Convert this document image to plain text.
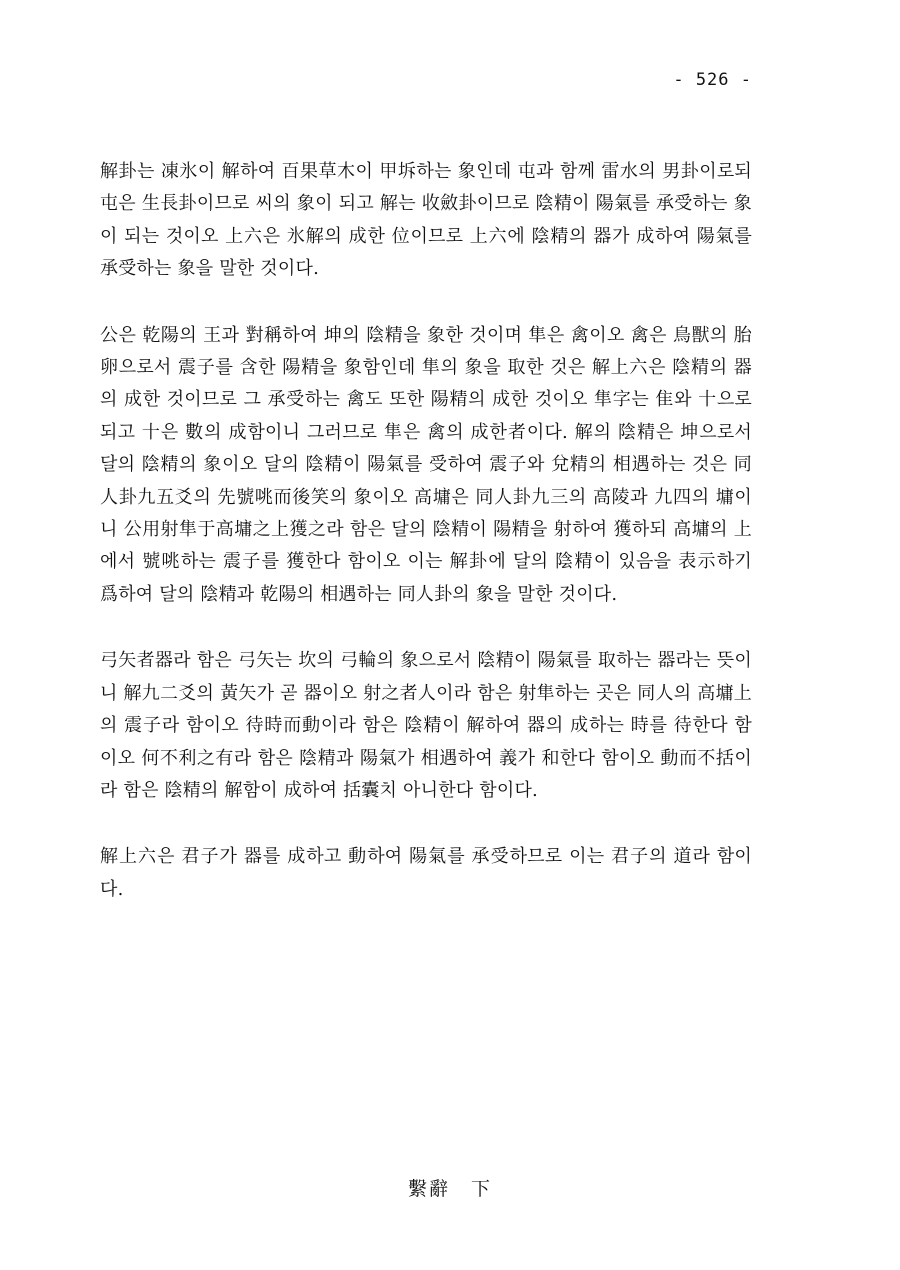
- 526 -

解卦는 凍氷이 解하여 百果草木이 甲坼하는 象인데 屯과 함께 雷水의 男卦이로되 屯은 生長卦이므로 씨의 象이 되고 解는 收斂卦이므로 陰精이 陽氣를 承受하는 象이 되는 것이오 上六은 氷解의 成한 位이므로 上六에 陰精의 器가 成하여 陽氣를 承受하는 象을 말한 것이다.

公은 乾陽의 王과 對稱하여 坤의 陰精을 象한 것이며 隼은 禽이오 禽은 鳥獸의 胎卵으로서 震子를 含한 陽精을 象함인데 隼의 象을 取한 것은 解上六은 陰精의 器의 成한 것이므로 그 承受하는 禽도 또한 陽精의 成한 것이오 隼字는 隹와 十으로되고 十은 數의 成함이니 그러므로 隼은 禽의 成한者이다. 解의 陰精은 坤으로서 달의 陰精의 象이오 달의 陰精이 陽氣를 受하여 震子와 兌精의 相遇하는 것은 同人卦九五爻의 先號咷而後笑의 象이오 高墉은 同人卦九三의 高陵과 九四의 墉이니 公用射隼于高墉之上獲之라 함은 달의 陰精이 陽精을 射하여 獲하되 高墉의 上에서 號咷하는 震子를 獲한다 함이오 이는 解卦에 달의 陰精이 있음을 表示하기 爲하여 달의 陰精과 乾陽의 相遇하는 同人卦의 象을 말한 것이다.

弓矢者器라 함은 弓矢는 坎의 弓輪의 象으로서 陰精이 陽氣를 取하는 器라는 뜻이니 解九二爻의 黃矢가 곧 器이오 射之者人이라 함은 射隼하는 곳은 同人의 高墉上의 震子라 함이오 待時而動이라 함은 陰精이 解하여 器의 成하는 時를 待한다 함이오 何不利之有라 함은 陰精과 陽氣가 相遇하여 義가 和한다 함이오 動而不括이라 함은 陰精의 解함이 成하여 括囊치 아니한다 함이다.

解上六은 君子가 器를 成하고 動하여 陽氣를 承受하므로 이는 君子의 道라 함이다.

繫辭　下
